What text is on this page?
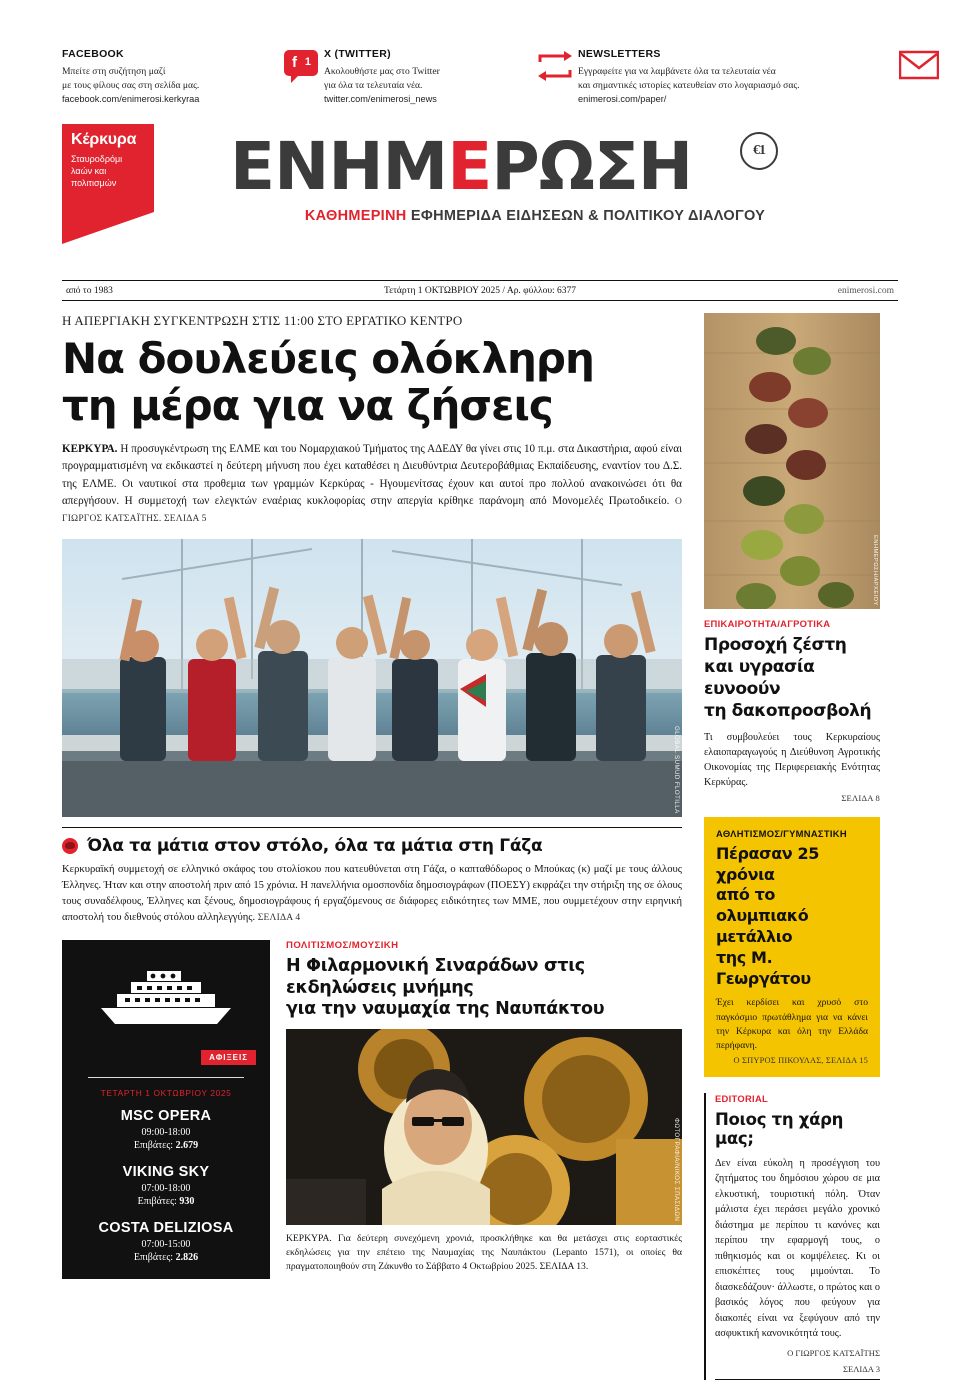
FACEBOOK
Μπείτε στη συζήτηση μαζί
με τους φίλους σας στη σελίδα μας.
facebook.com/enimerosi.kerkyraa
f 1
X (TWITTER)
Ακολουθήστε μας στο Twitter
για όλα τα τελευταία νέα.
twitter.com/enimerosi_news
NEWSLETTERS
Εγγραφείτε για να λαμβάνετε όλα τα τελευταία νέα
και σημαντικές ιστορίες κατευθείαν στο λογαριασμό σας.
enimerosi.com/paper/
Κέρκυρα
Σταυροδρόμι λαών και πολιτισμών	ΕΝΗΜΕΡΩΣΗ	€1
ΚΑΘΗΜΕΡΙΝΗ ΕΦΗΜΕΡΙΔΑ ΕΙΔΗΣΕΩΝ & ΠΟΛΙΤΙΚΟΥ ΔΙΑΛΟΓΟΥ
από το 1983	Τετάρτη 1 ΟΚΤΩΒΡΙΟΥ 2025 / Αρ. φύλλου: 6377	enimerosi.com
Η ΑΠΕΡΓΙΑΚΗ ΣΥΓΚΕΝΤΡΩΣΗ ΣΤΙΣ 11:00 ΣΤΟ ΕΡΓΑΤΙΚΟ ΚΕΝΤΡΟ
Να δουλεύεις ολόκληρη
τη μέρα για να ζήσεις

ΚΕΡΚΥΡΑ. Η προσυγκέντρωση της ΕΛΜΕ και του Νομαρχιακού Τμήματος της ΑΔΕΔΥ θα γίνει στις 10 π.μ. στα Δικαστήρια, αφού είναι προγραμματισμένη να εκδικαστεί η δεύτερη μήνυση που έχει καταθέσει η Διευθύντρια Δευτεροβάθμιας Εκπαίδευσης, εναντίον του Δ.Σ. της ΕΛΜΕ. Οι ναυτικοί στα προθεμια των γραμμών Κερκύρας - Ηγουμενίτσας έχουν και αυτοί προ πολλού ανακοινώσει ότι θα απεργήσουν. Η συμμετοχή των ελεγκτών εναέριας κυκλοφορίας στην απεργία κρίθηκε παράνομη από Μονομελές Πρωτοδικείο. Ο ΓΙΩΡΓΟΣ ΚΑΤΣΑΪΤΗΣ. ΣΕΛΙΔΑ 5

GLOBAL SUMUD FLOTILLA
Όλα τα μάτια στον στόλο, όλα τα μάτια στη Γάζα

Κερκυραϊκή συμμετοχή σε ελληνικό σκάφος του στολίσκου που κατευθύνεται στη Γάζα, ο καπταθόδωρος ο Μπούκας (κ) μαζί με τους άλλους Έλληνες. Ήταν και στην αποστολή πριν από 15 χρόνια. Η πανελλήνια ομοσπονδία δημοσιογράφων (ΠΟΕΣΥ) εκφράζει την στήριξη της σε όλους τους συναδέλφους, Έλληνες και ξένους, δημοσιογράφους ή εργαζόμενους σε διάφορες ειδικότητες των ΜΜΕ, που συμμετέχουν στην ειρηνική αποστολή του διεθνούς στόλου αλληλεγγύης. ΣΕΛΙΔΑ 4

ΑΦΙΞΕΙΣ
ΤΕΤΑΡΤΗ 1 ΟΚΤΩΒΡΙΟΥ 2025
MSC OPERA
09:00-18:00
Επιβάτες: 2.679
VIKING SKY
07:00-18:00
Επιβάτες: 930
COSTA DELIZIOSA
07:00-15:00
Επιβάτες: 2.826
ΠΟΛΙΤΙΣΜΟΣ/ΜΟΥΣΙΚΗ
Η Φιλαρμονική Σιναράδων στις εκδηλώσεις μνήμης
για την ναυμαχία της Ναυπάκτου
ΦΩΤΟΓΡΑΦΙΑ/ΝΙΚΟΣ ΣΠΑΣΙΔΩΝ
ΚΕΡΚΥΡΑ. Για δεύτερη συνεχόμενη χρονιά, προσκλήθηκε και θα μετάσχει στις εορταστικές εκδηλώσεις για την επέτειο της Ναυμαχίας της Ναυπάκτου (Lepanto 1571), οι οποίες θα πραγματοποιηθούν στη Ζάκυνθο το Σάββατο 4 Οκτωβρίου 2025. ΣΕΛΙΔΑ 13.
ΕΝΗΜΕΡΩΣΗ/ΑΡΧΕΙΟΥ
ΕΠΙΚΑΙΡΟΤΗΤΑ/ΑΓΡΟΤΙΚΑ
Προσοχή ζέστη
και υγρασία ευνοούν
τη δακοπροσβολή
Τι συμβουλεύει τους Κερκυραίους ελαιοπαραγωγούς η Διεύθυνση Αγροτικής Οικονομίας της Περιφερειακής Ενότητας Κερκύρας.
ΣΕΛΙΔΑ 8
ΑΘΛΗΤΙΣΜΟΣ/ΓΥΜΝΑΣΤΙΚΗ
Πέρασαν 25 χρόνια
από το ολυμπιακό
μετάλλιο
της Μ. Γεωργάτου
Έχει κερδίσει και χρυσό στο παγκόσμιο πρωτάθλημα για να κάνει την Κέρκυρα και όλη την Ελλάδα περήφανη.
Ο ΣΠΥΡΟΣ ΠΙΚΟΥΛΑΣ, ΣΕΛΙΔΑ 15
EDITORIAL
Ποιος τη χάρη μας;
Δεν είναι εύκολη η προσέγγιση του ζητήματος του δημόσιου χώρου σε μια ελκυστική, τουριστική πόλη. Όταν μάλιστα έχει περάσει μεγάλο χρονικό διάστημα με περίπου τι κανόνες και περίπου την εφαρμογή τους, ο πιθηκισμός και οι κομψέλειες. Κι οι επισκέπτες τους μιμούνται. Το διασκεδάζουν· άλλωστε, ο πρώτος και ο βασικός λόγος που φεύγουν για διακοπές είναι να ξεφύγουν από την ασφυκτική κανονικότητά τους.
Ο ΓΙΩΡΓΟΣ ΚΑΤΣΑΪΤΗΣ
ΣΕΛΙΔΑ 3
